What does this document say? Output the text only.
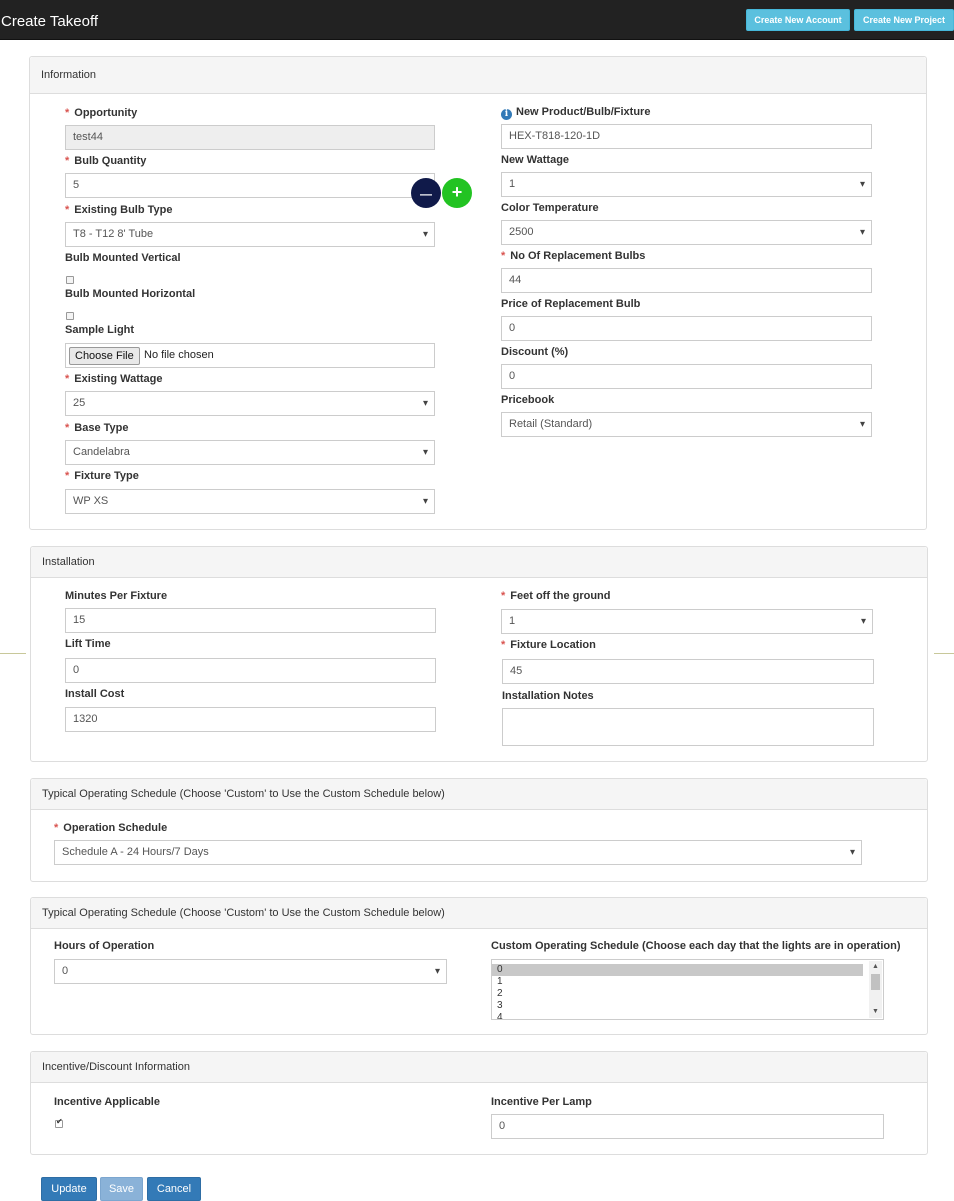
Create Takeoff	Create New Account	Create New Project
Information
* Opportunity
test44
* Bulb Quantity
5
—	+
* Existing Bulb Type
T8 - T12 8' Tube ▾
Bulb Mounted Vertical
Bulb Mounted Horizontal
Sample Light
Choose File No file chosen
* Existing Wattage
25 ▾
* Base Type
Candelabra ▾
* Fixture Type
WP XS ▾
i New Product/Bulb/Fixture
HEX-T818-120-1D
New Wattage
1 ▾
Color Temperature
2500 ▾
* No Of Replacement Bulbs
44
Price of Replacement Bulb
0
Discount (%)
0
Pricebook
Retail (Standard) ▾
Installation
Minutes Per Fixture
15
Lift Time
0
Install Cost
1320
* Feet off the ground
1 ▾
* Fixture Location
45
Installation Notes
Typical Operating Schedule (Choose 'Custom' to Use the Custom Schedule below)
* Operation Schedule
Schedule A - 24 Hours/7 Days ▾
Typical Operating Schedule (Choose 'Custom' to Use the Custom Schedule below)
Hours of Operation
0 ▾
Custom Operating Schedule (Choose each day that the lights are in operation)
0
1
2
3
4
▲
▼
Incentive/Discount Information
Incentive Applicable
✔	Incentive Per Lamp
0
Update	Save	Cancel
